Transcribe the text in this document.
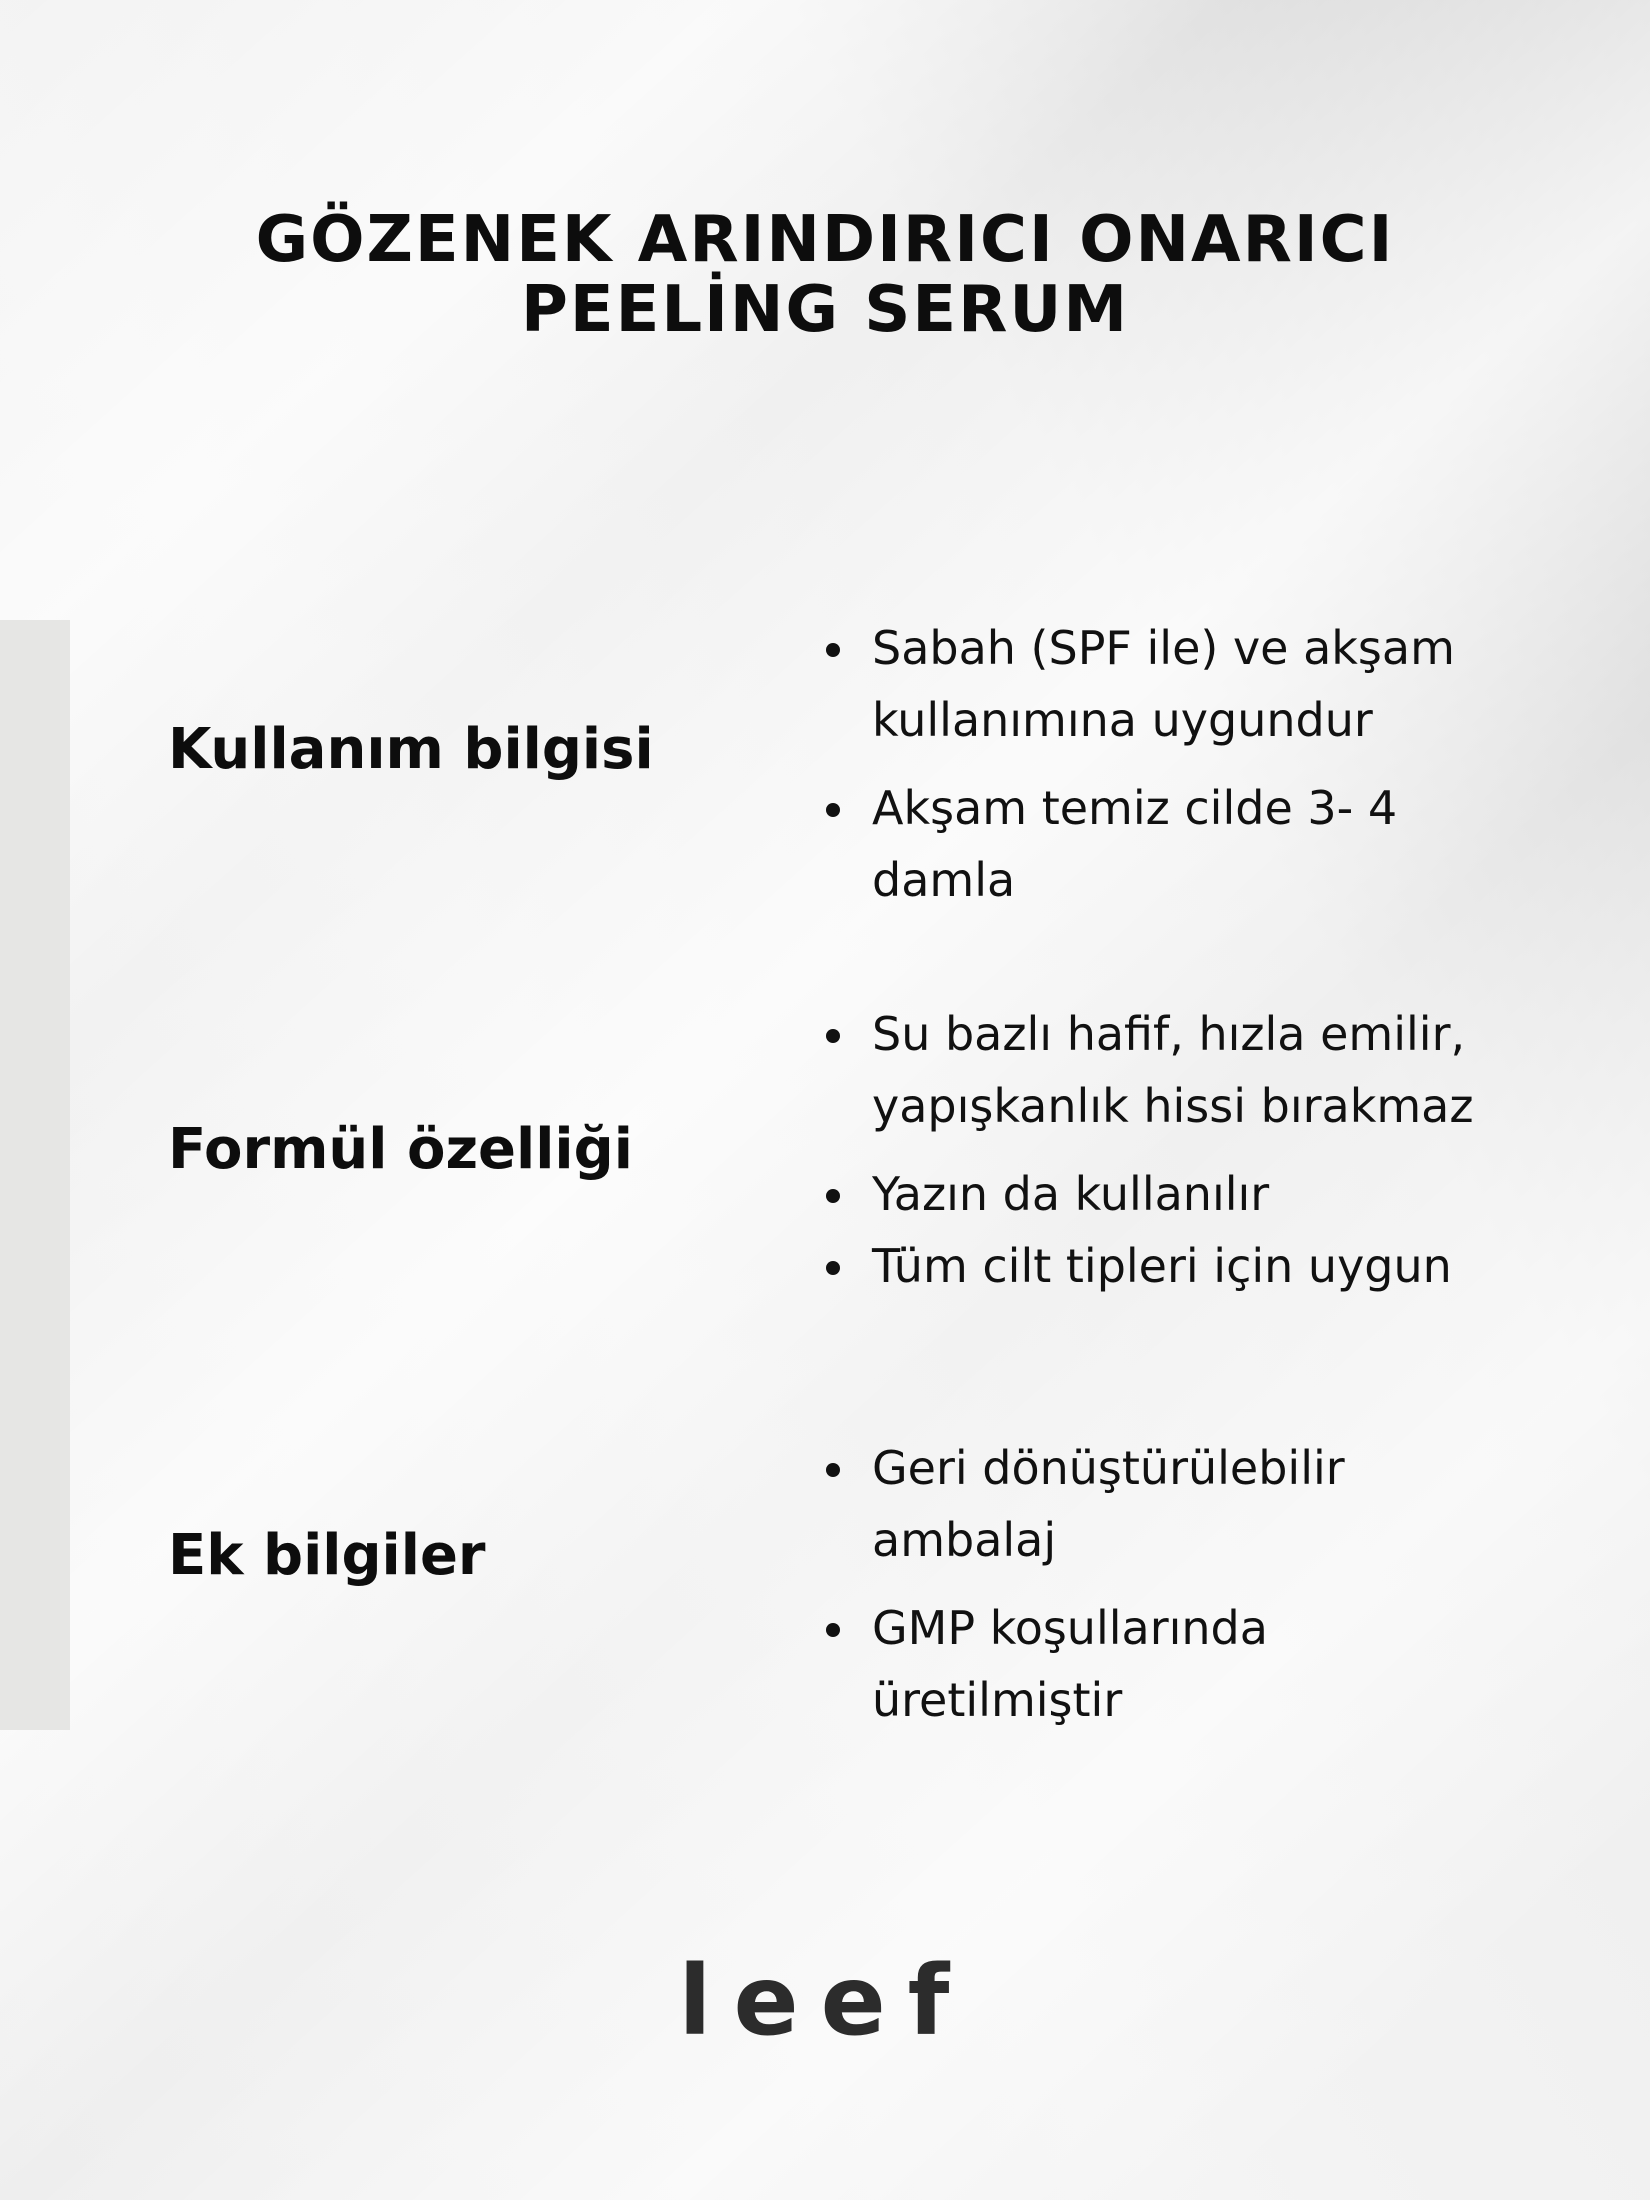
GÖZENEK ARINDIRICI ONARICI
PEELİNG SERUM
Kullanım bilgisi
Sabah (SPF ile) ve akşam kullanımına uygundur
Akşam temiz cilde 3- 4 damla
Formül özelliği
Su bazlı hafif, hızla emilir, yapışkanlık hissi bırakmaz
Yazın da kullanılır
Tüm cilt tipleri için uygun
Ek bilgiler
Geri dönüştürülebilir ambalaj
GMP koşullarında üretilmiştir
leef
